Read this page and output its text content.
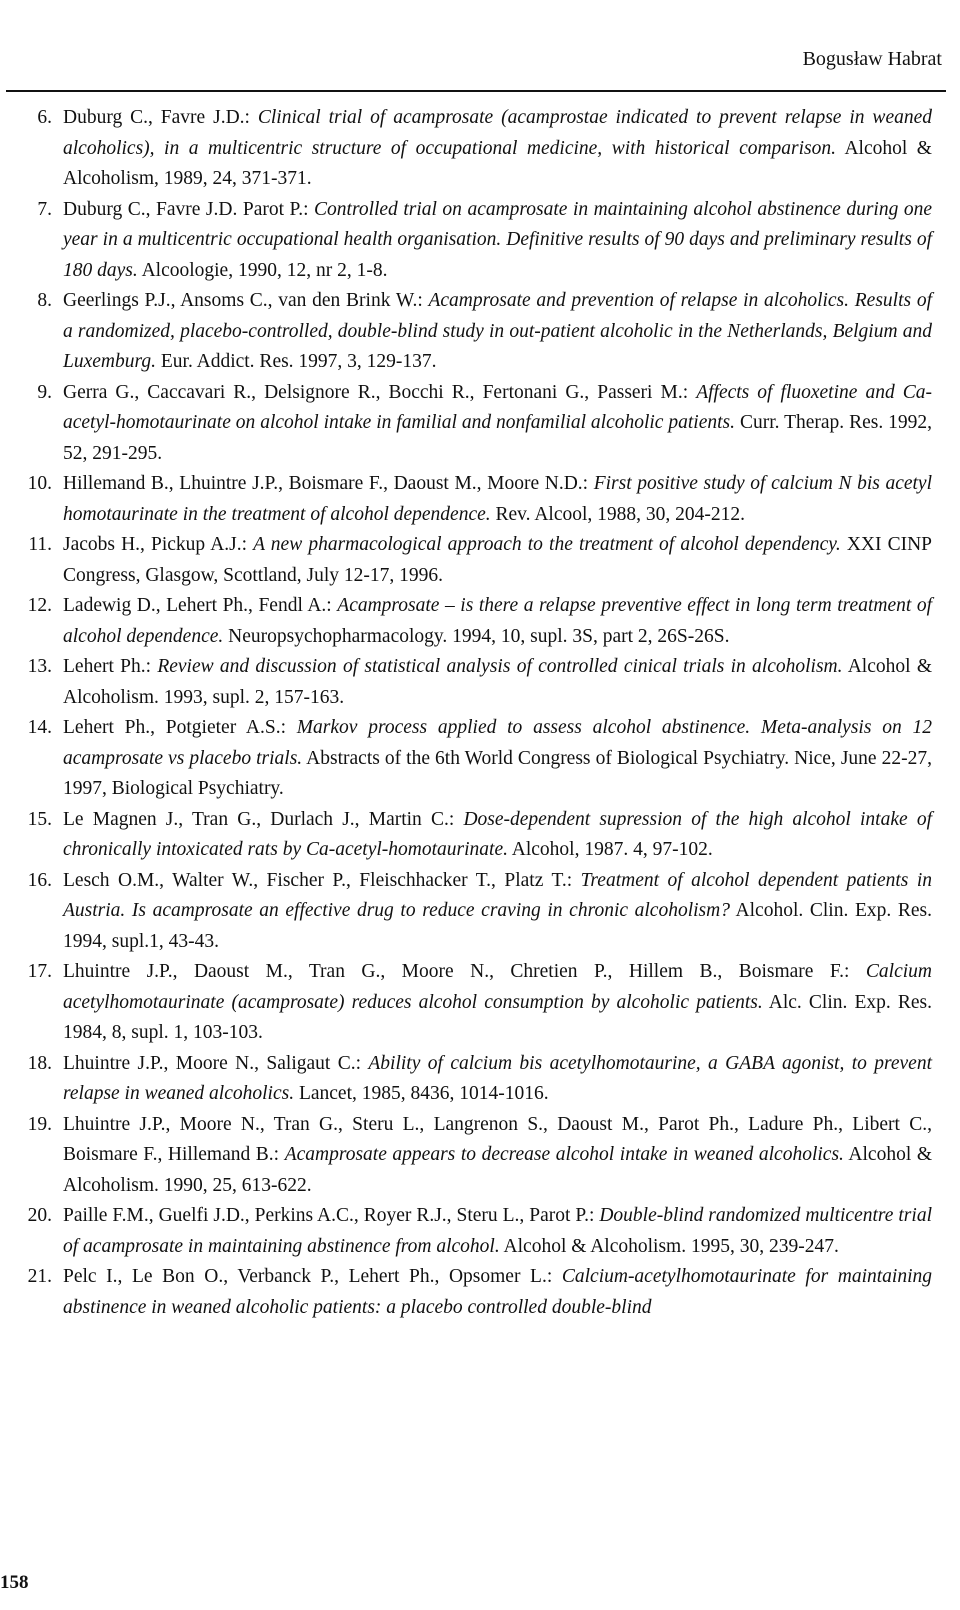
Bogusław Habrat
6. Duburg C., Favre J.D.: Clinical trial of acamprosate (acamprostae indicated to prevent relapse in weaned alcoholics), in a multicentric structure of occupational medicine, with historical comparison. Alcohol & Alcoholism, 1989, 24, 371-371.
7. Duburg C., Favre J.D. Parot P.: Controlled trial on acamprosate in maintaining alcohol abstinence during one year in a multicentric occupational health organisation. Definitive results of 90 days and preliminary results of 180 days. Alcoologie, 1990, 12, nr 2, 1-8.
8. Geerlings P.J., Ansoms C., van den Brink W.: Acamprosate and prevention of relapse in alcoholics. Results of a randomized, placebo-controlled, double-blind study in out-patient alcoholic in the Netherlands, Belgium and Luxemburg. Eur. Addict. Res. 1997, 3, 129-137.
9. Gerra G., Caccavari R., Delsignore R., Bocchi R., Fertonani G., Passeri M.: Affects of fluoxetine and Ca-acetyl-homotaurinate on alcohol intake in familial and nonfamilial alcoholic patients. Curr. Therap. Res. 1992, 52, 291-295.
10. Hillemand B., Lhuintre J.P., Boismare F., Daoust M., Moore N.D.: First positive study of calcium N bis acetyl homotaurinate in the treatment of alcohol dependence. Rev. Alcool, 1988, 30, 204-212.
11. Jacobs H., Pickup A.J.: A new pharmacological approach to the treatment of alcohol dependency. XXI CINP Congress, Glasgow, Scottland, July 12-17, 1996.
12. Ladewig D., Lehert Ph., Fendl A.: Acamprosate – is there a relapse preventive effect in long term treatment of alcohol dependence. Neuropsychopharmacology. 1994, 10, supl. 3S, part 2, 26S-26S.
13. Lehert Ph.: Review and discussion of statistical analysis of controlled cinical trials in alcoholism. Alcohol & Alcoholism. 1993, supl. 2, 157-163.
14. Lehert Ph., Potgieter A.S.: Markov process applied to assess alcohol abstinence. Meta-analysis on 12 acamprosate vs placebo trials. Abstracts of the 6th World Congress of Biological Psychiatry. Nice, June 22-27, 1997, Biological Psychiatry.
15. Le Magnen J., Tran G., Durlach J., Martin C.: Dose-dependent supression of the high alcohol intake of chronically intoxicated rats by Ca-acetyl-homotaurinate. Alcohol, 1987. 4, 97-102.
16. Lesch O.M., Walter W., Fischer P., Fleischhacker T., Platz T.: Treatment of alcohol dependent patients in Austria. Is acamprosate an effective drug to reduce craving in chronic alcoholism? Alcohol. Clin. Exp. Res. 1994, supl.1, 43-43.
17. Lhuintre J.P., Daoust M., Tran G., Moore N., Chretien P., Hillem B., Boismare F.: Calcium acetylhomotaurinate (acamprosate) reduces alcohol consumption by alcoholic patients. Alc. Clin. Exp. Res. 1984, 8, supl. 1, 103-103.
18. Lhuintre J.P., Moore N., Saligaut C.: Ability of calcium bis acetylhomotaurine, a GABA agonist, to prevent relapse in weaned alcoholics. Lancet, 1985, 8436, 1014-1016.
19. Lhuintre J.P., Moore N., Tran G., Steru L., Langrenon S., Daoust M., Parot Ph., Ladure Ph., Libert C., Boismare F., Hillemand B.: Acamprosate appears to decrease alcohol intake in weaned alcoholics. Alcohol & Alcoholism. 1990, 25, 613-622.
20. Paille F.M., Guelfi J.D., Perkins A.C., Royer R.J., Steru L., Parot P.: Double-blind randomized multicentre trial of acamprosate in maintaining abstinence from alcohol. Alcohol & Alcoholism. 1995, 30, 239-247.
21. Pelc I., Le Bon O., Verbanck P., Lehert Ph., Opsomer L.: Calcium-acetylhomotaurinate for maintaining abstinence in weaned alcoholic patients: a placebo controlled double-blind
158
